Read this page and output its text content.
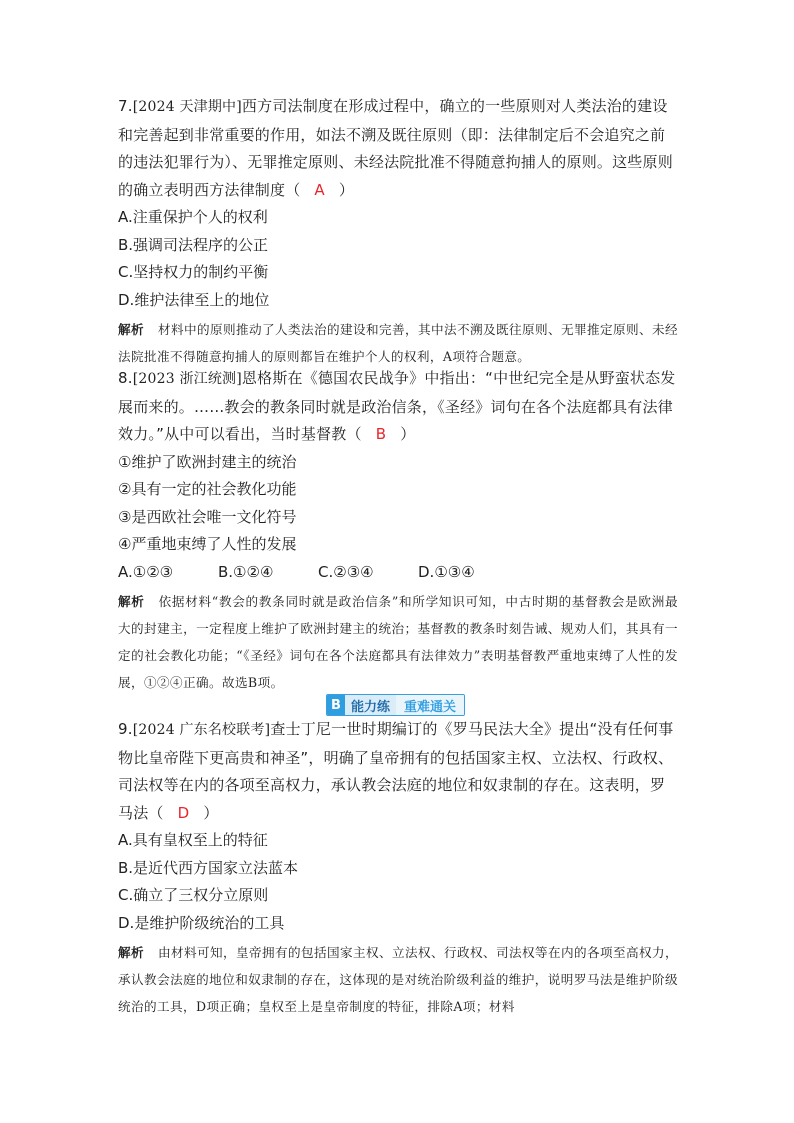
7.[2024 天津期中]西方司法制度在形成过程中，确立的一些原则对人类法治的建设和完善起到非常重要的作用，如法不溯及既往原则（即：法律制定后不会追究之前的违法犯罪行为）、无罪推定原则、未经法院批准不得随意拘捕人的原则。这些原则的确立表明西方法律制度（ A ）

A.注重保护个人的权利

B.强调司法程序的公正

C.坚持权力的制约平衡

D.维护法律至上的地位

解析 材料中的原则推动了人类法治的建设和完善，其中法不溯及既往原则、无罪推定原则、未经法院批准不得随意拘捕人的原则都旨在维护个人的权利，A项符合题意。

8.[2023 浙江统测]恩格斯在《德国农民战争》中指出：“中世纪完全是从野蛮状态发展而来的。……教会的教条同时就是政治信条，《圣经》词句在各个法庭都具有法律效力。”从中可以看出，当时基督教（ B ）

①维护了欧洲封建主的统治

②具有一定的社会教化功能

③是西欧社会唯一文化符号

④严重地束缚了人性的发展

A.①②③	B.①②④	C.②③④	D.①③④

解析 依据材料“教会的教条同时就是政治信条”和所学知识可知，中古时期的基督教会是欧洲最大的封建主，一定程度上维护了欧洲封建主的统治；基督教的教条时刻告诫、规劝人们，其具有一定的社会教化功能；“《圣经》词句在各个法庭都具有法律效力”表明基督教严重地束缚了人性的发展，①②④正确。故选B项。

B 能力练	重难通关

9.[2024 广东名校联考]查士丁尼一世时期编订的《罗马民法大全》提出“没有任何事物比皇帝陛下更高贵和神圣”，明确了皇帝拥有的包括国家主权、立法权、行政权、司法权等在内的各项至高权力，承认教会法庭的地位和奴隶制的存在。这表明，罗马法（ D ）

A.具有皇权至上的特征

B.是近代西方国家立法蓝本

C.确立了三权分立原则

D.是维护阶级统治的工具

解析 由材料可知，皇帝拥有的包括国家主权、立法权、行政权、司法权等在内的各项至高权力，承认教会法庭的地位和奴隶制的存在，这体现的是对统治阶级利益的维护，说明罗马法是维护阶级统治的工具，D项正确；皇权至上是皇帝制度的特征，排除A项；材料
